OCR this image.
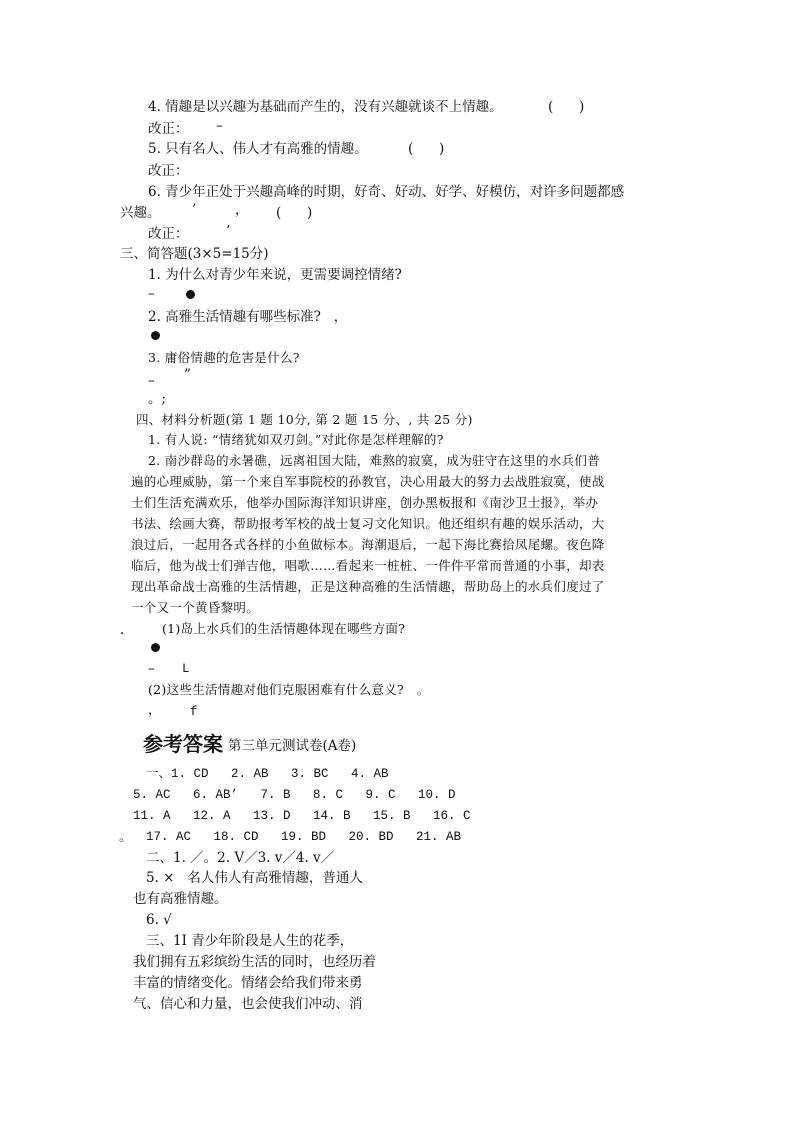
4. 情趣是以兴趣为基础而产生的，没有兴趣就谈不上情趣。	(      )
改正： –
5. 只有名人、伟人才有高雅的情趣。	(      )
改正：
6. 青少年正处于兴趣高峰的时期，好奇、好动、好学、好模仿，对许多问题都感
兴趣。 ’         ， (      )
改正：	‘
三、简答题(3×5=15分)
1. 为什么对青少年来说，更需要调控情绪?
–
2. 高雅生活情趣有哪些标准?   ，
3. 庸俗情趣的危害是什么?
– ”
。;
四、材料分析题(第 1 题 10分, 第 2 题 15 分、, 共 25 分)
1. 有人说: “情绪犹如双刃剑。”对此你是怎样理解的?
2. 南沙群岛的永暑礁，远离祖国大陆，难熬的寂寞，成为驻守在这里的水兵们普
遍的心理威胁，第一个来自军事院校的孙教官，决心用最大的努力去战胜寂寞，使战
士们生活充满欢乐，他举办国际海洋知识讲座，创办黑板报和《南沙卫士报》，举办
书法、绘画大赛，帮助报考军校的战士复习文化知识。他还组织有趣的娱乐活动，大
浪过后，一起用各式各样的小鱼做标本。海潮退后，一起下海比赛拾凤尾螺。夜色降
临后，他为战士们弹吉他，唱歌……看起来一桩桩、一件件平常而普通的小事，却表
现出革命战士高雅的生活情趣，正是这种高雅的生活情趣，帮助岛上的水兵们度过了
一个又一个黄昏黎明。
.	(1)岛上水兵们的生活情趣体现在哪些方面?
– L
(2)这些生活情趣对他们克服困难有什么意义?   。
， f
参考答案 第三单元测试卷(A卷)
一、1. CD   2. AB   3. BC   4. AB
5. AC   6. AB’   7. B   8. C   9. C   10. D
11. A   12. A   13. D   14. B   15. B   16. C
。 17. AC   18. CD   19. BD   20. BD   21. AB
二、1. ／。2. V／3. v／4. v／
5. ×   名人伟人有高雅情趣，普通人
也有高雅情趣。
6. √
三、1I 青少年阶段是人生的花季，
我们拥有五彩缤纷生活的同时，也经历着
丰富的情绪变化。情绪会给我们带来勇
气、信心和力量，也会使我们冲动、消
